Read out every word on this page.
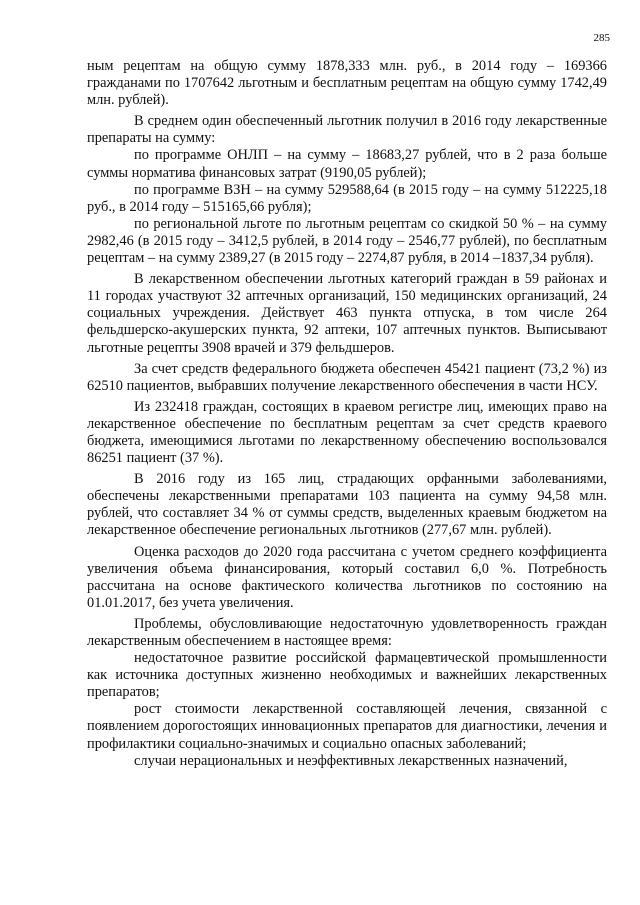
285

ным рецептам на общую сумму 1878,333 млн. руб., в 2014 году – 169366 гражданами по 1707642 льготным и бесплатным рецептам на общую сумму 1742,49 млн. рублей).

В среднем один обеспеченный льготник получил в 2016 году лекарственные препараты на сумму:

по программе ОНЛП – на сумму – 18683,27 рублей, что в 2 раза больше суммы норматива финансовых затрат (9190,05 рублей);

по программе ВЗН – на сумму 529588,64 (в 2015 году – на сумму 512225,18 руб., в 2014 году – 515165,66 рубля);

по региональной льготе по льготным рецептам со скидкой 50 % – на сумму 2982,46 (в 2015 году – 3412,5 рублей, в 2014 году – 2546,77 рублей), по бесплатным рецептам – на сумму 2389,27 (в 2015 году – 2274,87 рубля, в 2014 –1837,34 рубля).

В лекарственном обеспечении льготных категорий граждан в 59 районах и 11 городах участвуют 32 аптечных организаций, 150 медицинских организаций, 24 социальных учреждения. Действует 463 пункта отпуска, в том числе 264 фельдшерско-акушерских пункта, 92 аптеки, 107 аптечных пунктов. Выписывают льготные рецепты 3908 врачей и 379 фельдшеров.

За счет средств федерального бюджета обеспечен 45421 пациент (73,2 %) из 62510 пациентов, выбравших получение лекарственного обеспечения в части НСУ.

Из 232418 граждан, состоящих в краевом регистре лиц, имеющих право на лекарственное обеспечение по бесплатным рецептам за счет средств краевого бюджета, имеющимися льготами по лекарственному обеспечению воспользовался 86251 пациент (37 %).

В 2016 году из 165 лиц, страдающих орфанными заболеваниями, обеспечены лекарственными препаратами 103 пациента на сумму 94,58 млн. рублей, что составляет 34 % от суммы средств, выделенных краевым бюджетом на лекарственное обеспечение региональных льготников (277,67 млн. рублей).

Оценка расходов до 2020 года рассчитана с учетом среднего коэффициента увеличения объема финансирования, который составил 6,0 %. Потребность рассчитана на основе фактического количества льготников по состоянию на 01.01.2017, без учета увеличения.

Проблемы, обусловливающие недостаточную удовлетворенность граждан лекарственным обеспечением в настоящее время:

недостаточное развитие российской фармацевтической промышленности как источника доступных жизненно необходимых и важнейших лекарственных препаратов;

рост стоимости лекарственной составляющей лечения, связанной с появлением дорогостоящих инновационных препаратов для диагностики, лечения и профилактики социально-значимых и социально опасных заболеваний;

случаи нерациональных и неэффективных лекарственных назначений,
